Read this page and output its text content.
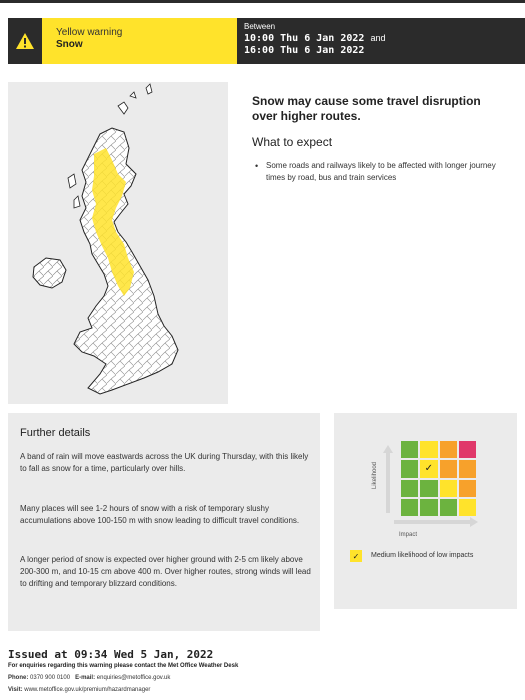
Yellow warning
Snow
Between
10:00 Thu 6 Jan 2022 and
16:00 Thu 6 Jan 2022
Snow may cause some travel disruption over higher routes.
What to expect
• Some roads and railways likely to be affected with longer journey times by road, bus and train services
Further details

A band of rain will move eastwards across the UK during Thursday, with this likely to fall as snow for a time, particularly over hills.

Many places will see 1-2 hours of snow with a risk of temporary slushy accumulations above 100-150 m with snow leading to difficult travel conditions.

A longer period of snow is expected over higher ground with 2-5 cm likely above 200-300 m, and 10-15 cm above 400 m. Over higher routes, strong winds will lead to drifting and temporary blizzard conditions.

Likelihood	✓
Impact
✓ Medium likelihood of low impacts
Issued at 09:34 Wed 5 Jan, 2022
For enquiries regarding this warning please contact the Met Office Weather Desk
Phone: 0370 900 0100 E-mail: enquiries@metoffice.gov.uk
Visit: www.metoffice.gov.uk/premium/hazardmanager
